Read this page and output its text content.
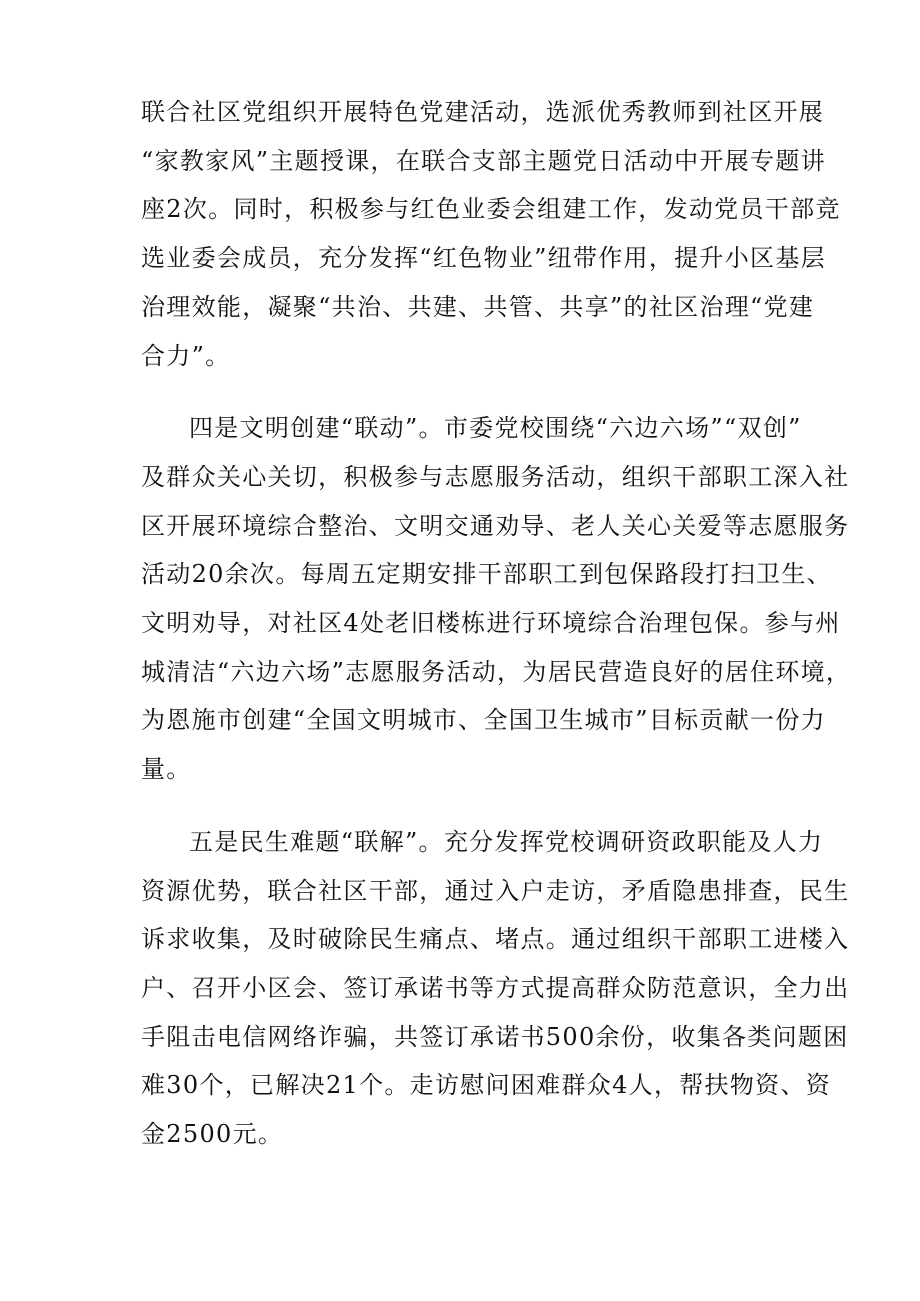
联合社区党组织开展特色党建活动，选派优秀教师到社区开展
“家教家风”主题授课，在联合支部主题党日活动中开展专题讲
座2次。同时，积极参与红色业委会组建工作，发动党员干部竞
选业委会成员，充分发挥“红色物业”纽带作用，提升小区基层
治理效能，凝聚“共治、共建、共管、共享”的社区治理“党建
合力”。
四是文明创建“联动”。市委党校围绕“六边六场”“双创”
及群众关心关切，积极参与志愿服务活动，组织干部职工深入社
区开展环境综合整治、文明交通劝导、老人关心关爱等志愿服务
活动20余次。每周五定期安排干部职工到包保路段打扫卫生、
文明劝导，对社区4处老旧楼栋进行环境综合治理包保。参与州
城清洁“六边六场”志愿服务活动，为居民营造良好的居住环境，
为恩施市创建“全国文明城市、全国卫生城市”目标贡献一份力
量。
五是民生难题“联解”。充分发挥党校调研资政职能及人力
资源优势，联合社区干部，通过入户走访，矛盾隐患排查，民生
诉求收集，及时破除民生痛点、堵点。通过组织干部职工进楼入
户、召开小区会、签订承诺书等方式提高群众防范意识，全力出
手阻击电信网络诈骗，共签订承诺书500余份，收集各类问题困
难30个，已解决21个。走访慰问困难群众4人，帮扶物资、资
金2500元。
